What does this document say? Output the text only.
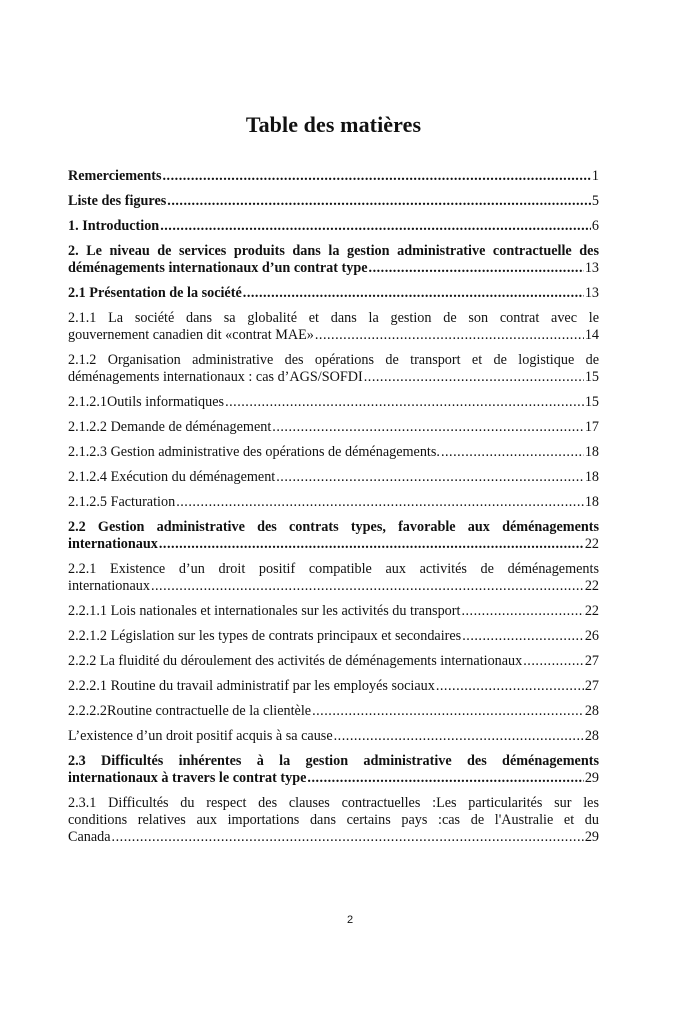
Table des matières
Remerciements .....	1
Liste des figures .....	5
1. Introduction .....	6
2. Le niveau de services produits dans la gestion administrative contractuelle des
déménagements internationaux d’un contrat type .....	13
2.1 Présentation de la société .....	13
2.1.1 La société dans sa globalité et dans la gestion de son contrat avec le
gouvernement canadien dit «contrat MAE» .....	14
2.1.2 Organisation administrative des opérations de transport et de logistique de
déménagements internationaux : cas d’AGS/SOFDI .....	15
2.1.2.1Outils informatiques .....	15
2.1.2.2 Demande de déménagement .....	17
2.1.2.3 Gestion administrative des opérations de déménagements. .....	18
2.1.2.4 Exécution du déménagement .....	18
2.1.2.5 Facturation .....	18
2.2 Gestion administrative des contrats types, favorable aux déménagements
internationaux .....	22
2.2.1 Existence d’un droit positif compatible aux activités de déménagements
internationaux .....	22
2.2.1.1 Lois nationales et internationales sur les activités du transport .....	22
2.2.1.2 Législation sur les types de contrats principaux et secondaires .....	26
2.2.2 La fluidité du déroulement des activités de déménagements internationaux .....	27
2.2.2.1 Routine du travail administratif par les employés sociaux .....	27
2.2.2.2Routine contractuelle de la clientèle .....	28
L’existence d’un droit positif acquis à sa cause .....	28
2.3 Difficultés inhérentes à la gestion administrative des déménagements
internationaux à travers le contrat type .....	29
2.3.1 Difficultés du respect des clauses contractuelles :Les particularités sur les
conditions relatives aux importations dans certains pays :cas de l'Australie et du
Canada .....	29
2
